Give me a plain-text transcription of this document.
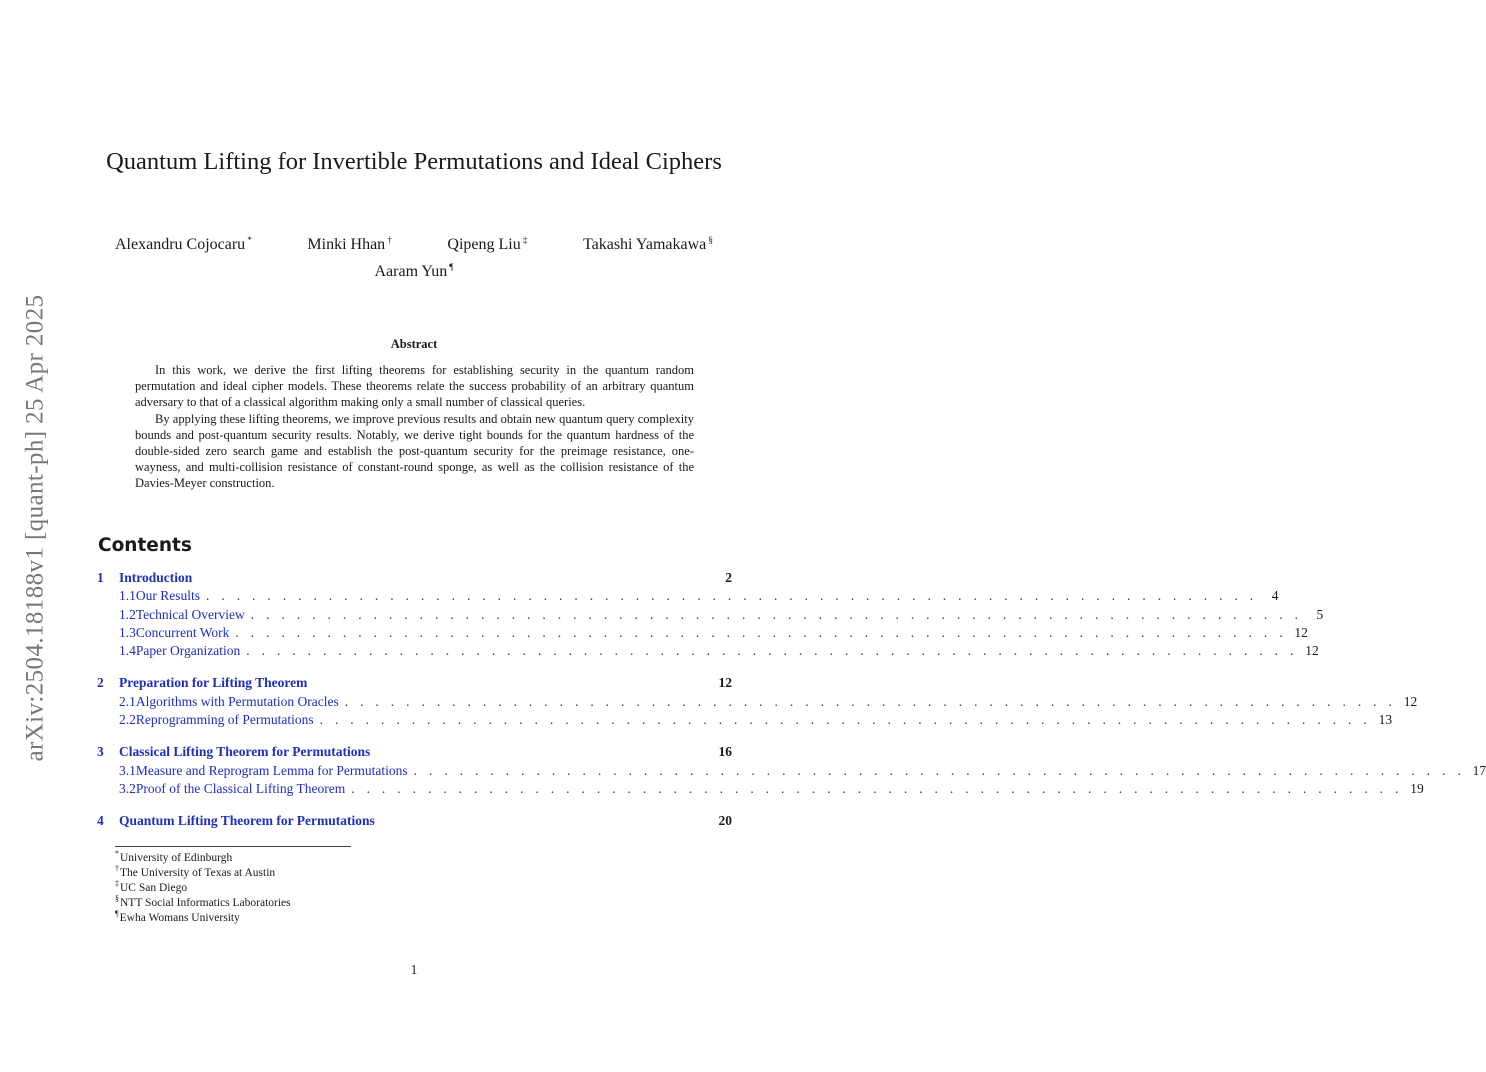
arXiv:2504.18188v1 [quant-ph] 25 Apr 2025
Quantum Lifting for Invertible Permutations and Ideal Ciphers
Alexandru Cojocaru *	Minki Hhan †	Qipeng Liu ‡	Takashi Yamakawa §
Aaram Yun ¶
Abstract

In this work, we derive the first lifting theorems for establishing security in the quantum random permutation and ideal cipher models. These theorems relate the success probability of an arbitrary quantum adversary to that of a classical algorithm making only a small number of classical queries.

By applying these lifting theorems, we improve previous results and obtain new quantum query complexity bounds and post-quantum security results. Notably, we derive tight bounds for the quantum hardness of the double-sided zero search game and establish the post-quantum security for the preimage resistance, one-wayness, and multi-collision resistance of constant-round sponge, as well as the collision resistance of the Davies-Meyer construction.

Contents
1	Introduction	2
1.1 Our Results . . . . . . . . . . . . . . . . . . . . . . . . . . . . . . . . . . . . . . . . . . . . . . . . . . . . . . . . . . . . . . . . . . . . .	4
1.2 Technical Overview . . . . . . . . . . . . . . . . . . . . . . . . . . . . . . . . . . . . . . . . . . . . . . . . . . . . . . . . . . . . . . . . . . . . .	5
1.3 Concurrent Work . . . . . . . . . . . . . . . . . . . . . . . . . . . . . . . . . . . . . . . . . . . . . . . . . . . . . . . . . . . . . . . . . . . . . 12
1.4 Paper Organization . . . . . . . . . . . . . . . . . . . . . . . . . . . . . . . . . . . . . . . . . . . . . . . . . . . . . . . . . . . . . . . . . . . . . 12
2	Preparation for Lifting Theorem	12
2.1 Algorithms with Permutation Oracles . . . . . . . . . . . . . . . . . . . . . . . . . . . . . . . . . . . . . . . . . . . . . . . . . . . . . . . . . . . . . . . . . . . . . 12
2.2 Reprogramming of Permutations . . . . . . . . . . . . . . . . . . . . . . . . . . . . . . . . . . . . . . . . . . . . . . . . . . . . . . . . . . . . . . . . . . . . . 13
3	Classical Lifting Theorem for Permutations	16
3.1 Measure and Reprogram Lemma for Permutations . . . . . . . . . . . . . . . . . . . . . . . . . . . . . . . . . . . . . . . . . . . . . . . . . . . . . . . . . . . . . . . . . . . . . 17
3.2 Proof of the Classical Lifting Theorem . . . . . . . . . . . . . . . . . . . . . . . . . . . . . . . . . . . . . . . . . . . . . . . . . . . . . . . . . . . . . . . . . . . . . 19
4	Quantum Lifting Theorem for Permutations	20
*University of Edinburgh
†The University of Texas at Austin
‡UC San Diego
§NTT Social Informatics Laboratories
¶Ewha Womans University
1
